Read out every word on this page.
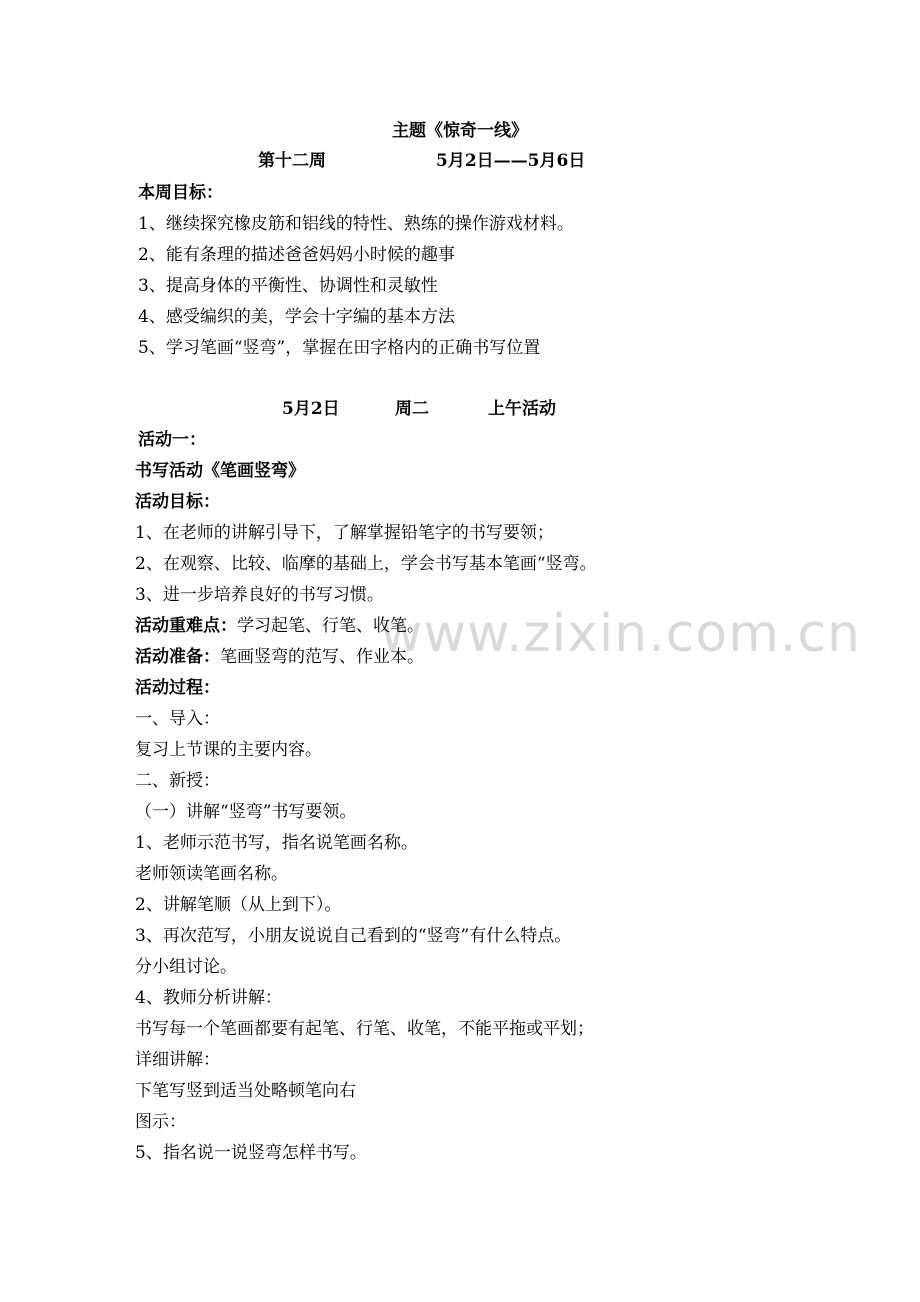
www.zixin.com.cn
主题《惊奇一线》
第十二周	5月2日——5月6日
本周目标：
1、继续探究橡皮筋和铝线的特性、熟练的操作游戏材料。
2、能有条理的描述爸爸妈妈小时候的趣事
3、提高身体的平衡性、协调性和灵敏性
4、感受编织的美，学会十字编的基本方法
5、学习笔画“竖弯”，掌握在田字格内的正确书写位置
5月2日	周二	上午活动
活动一：
书写活动《笔画竖弯》
活动目标：
1、在老师的讲解引导下，了解掌握铅笔字的书写要领；
2、在观察、比较、临摩的基础上，学会书写基本笔画“竖弯。
3、进一步培养良好的书写习惯。
活动重难点：学习起笔、行笔、收笔。
活动准备：笔画竖弯的范写、作业本。
活动过程：
一、导入：
复习上节课的主要内容。
二、新授：
（一）讲解“竖弯”书写要领。
1、老师示范书写，指名说笔画名称。
老师领读笔画名称。
2、讲解笔顺（从上到下）。
3、再次范写，小朋友说说自己看到的“竖弯”有什么特点。
分小组讨论。
4、教师分析讲解：
书写每一个笔画都要有起笔、行笔、收笔，不能平拖或平划；
详细讲解：
下笔写竖到适当处略顿笔向右
图示：
5、指名说一说竖弯怎样书写。
